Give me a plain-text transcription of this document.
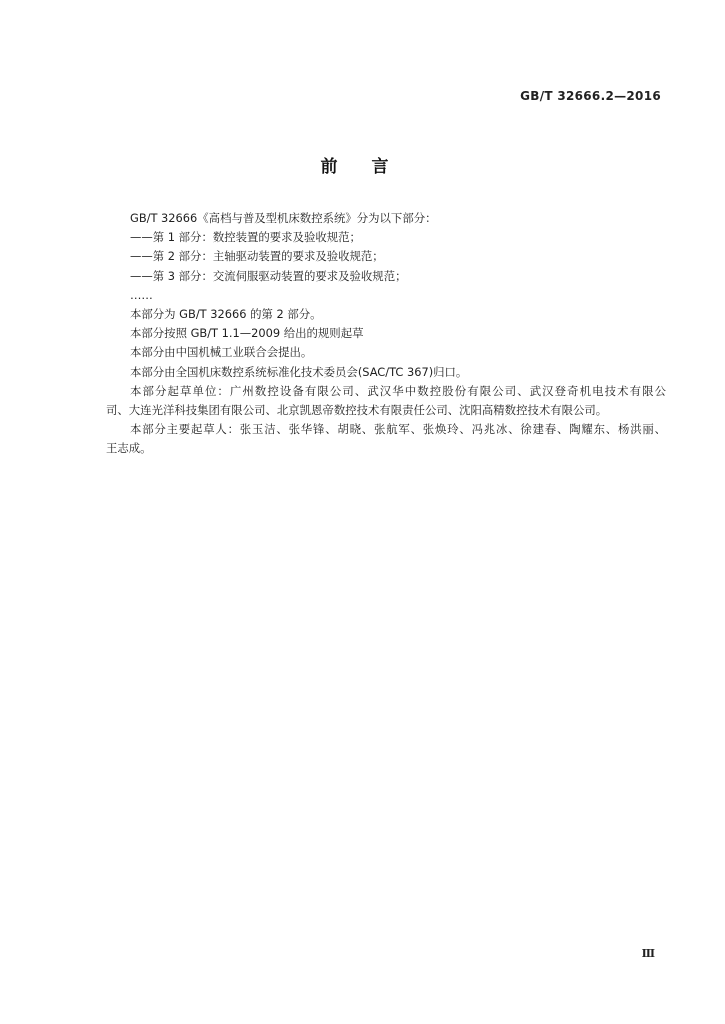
GB/T 32666.2—2016
前言
GB/T 32666《高档与普及型机床数控系统》分为以下部分：
——第 1 部分：数控装置的要求及验收规范；
——第 2 部分：主轴驱动装置的要求及验收规范；
——第 3 部分：交流伺服驱动装置的要求及验收规范；
……
本部分为 GB/T 32666 的第 2 部分。
本部分按照 GB/T 1.1—2009 给出的规则起草
本部分由中国机械工业联合会提出。
本部分由全国机床数控系统标准化技术委员会(SAC/TC 367)归口。
本部分起草单位：广州数控设备有限公司、武汉华中数控股份有限公司、武汉登奇机电技术有限公
司、大连光洋科技集团有限公司、北京凯恩帝数控技术有限责任公司、沈阳高精数控技术有限公司。
本部分主要起草人：张玉洁、张华锋、胡晓、张航军、张焕玲、冯兆冰、徐建春、陶耀东、杨洪丽、
王志成。
Ⅲ
